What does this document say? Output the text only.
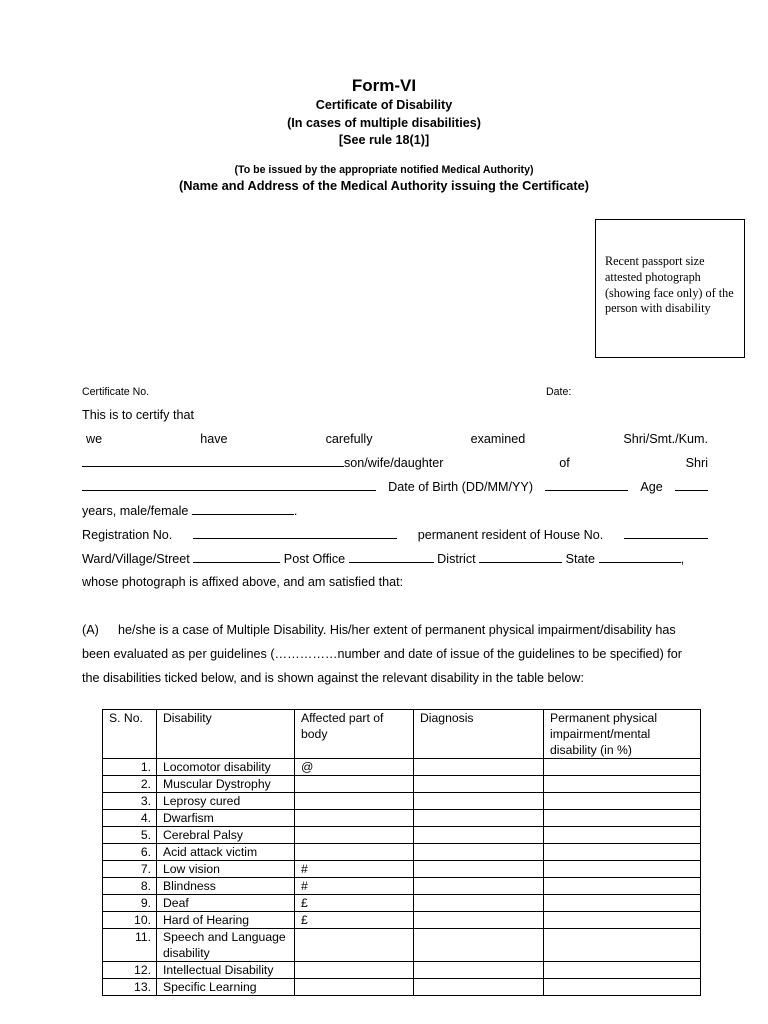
Form-VI
Certificate of Disability
(In cases of multiple disabilities)
[See rule 18(1)]
(To be issued by the appropriate notified Medical Authority)
(Name and Address of the Medical Authority issuing the Certificate)
Recent passport size attested photograph (showing face only) of the person with disability
Certificate No.	Date:
This is to certify that
we	have	carefully	examined	Shri/Smt./Kum.
son/wife/daughter	of	Shri
Date of Birth (DD/MM/YY)	Age
years, male/female	.
Registration No.	permanent resident of House No.
Ward/Village/Street	Post Office	District	State	,
whose photograph is affixed above, and am satisfied that:
(A) he/she is a case of Multiple Disability. His/her extent of permanent physical impairment/disability has
been evaluated as per guidelines (……………number and date of issue of the guidelines to be specified) for
the disabilities ticked below, and is shown against the relevant disability in the table below:
S. No.	Disability	Affected part of body	Diagnosis	Permanent physical impairment/mental disability (in %)
1.	Locomotor disability	@		
2.	Muscular Dystrophy			
3.	Leprosy cured			
4.	Dwarfism			
5.	Cerebral Palsy			
6.	Acid attack victim			
7.	Low vision	#		
8.	Blindness	#		
9.	Deaf	£		
10.	Hard of Hearing	£		
11.	Speech and Language disability			
12.	Intellectual Disability			
13.	Specific Learning			
